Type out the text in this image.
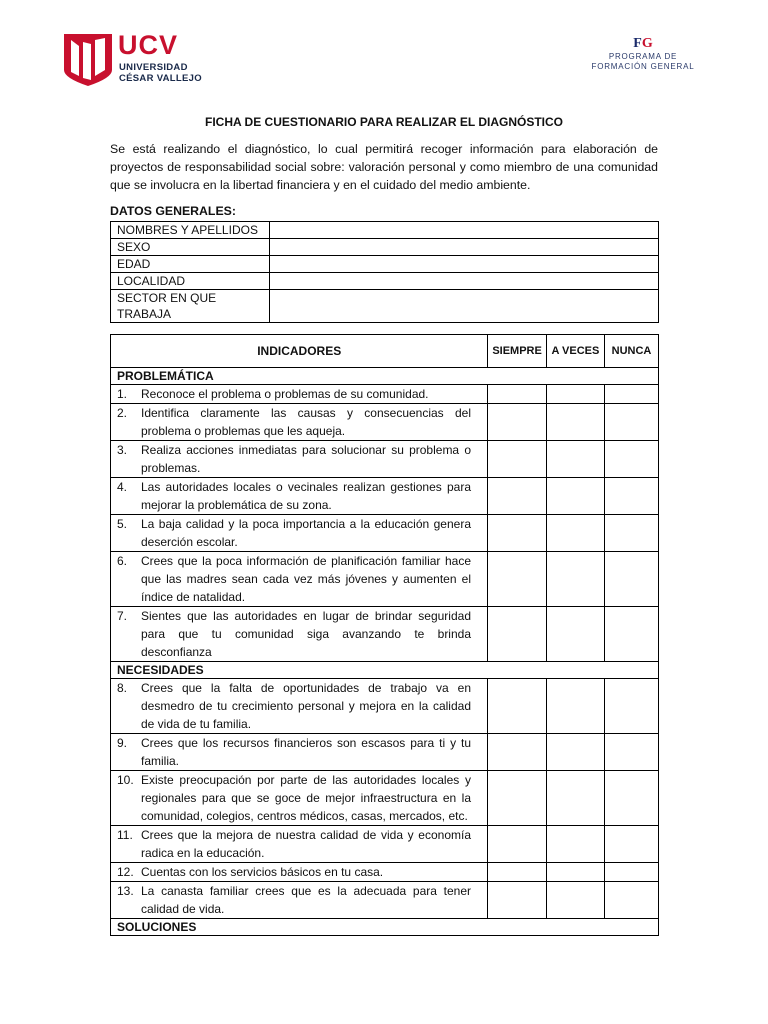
UCV
UNIVERSIDAD
CÉSAR VALLEJO
FG
PROGRAMA DE
FORMACIÓN GENERAL
FICHA DE CUESTIONARIO PARA REALIZAR EL DIAGNÓSTICO
Se está realizando el diagnóstico, lo cual permitirá recoger información para elaboración de proyectos de responsabilidad social sobre: valoración personal y como miembro de una comunidad que se involucra en la libertad financiera y en el cuidado del medio ambiente.
DATOS GENERALES:
NOMBRES Y APELLIDOS	
SEXO	
EDAD	
LOCALIDAD	
SECTOR EN QUE TRABAJA	
INDICADORES	SIEMPRE	A VECES	NUNCA
PROBLEMÁTICA			
1. Reconoce el problema o problemas de su comunidad.			
2. Identifica claramente las causas y consecuencias del problema o problemas que les aqueja.			
3. Realiza acciones inmediatas para solucionar su problema o problemas.			
4. Las autoridades locales o vecinales realizan gestiones para mejorar la problemática de su zona.			
5. La baja calidad y la poca importancia a la educación genera deserción escolar.			
6. Crees que la poca información de planificación familiar hace que las madres sean cada vez más jóvenes y aumenten el índice de natalidad.			
7. Sientes que las autoridades en lugar de brindar seguridad para que tu comunidad siga avanzando te brinda desconfianza			
NECESIDADES			
8. Crees que la falta de oportunidades de trabajo va en desmedro de tu crecimiento personal y mejora en la calidad de vida de tu familia.			
9. Crees que los recursos financieros son escasos para ti y tu familia.			
10. Existe preocupación por parte de las autoridades locales y regionales para que se goce de mejor infraestructura en la comunidad, colegios, centros médicos, casas, mercados, etc.			
11. Crees que la mejora de nuestra calidad de vida y economía radica en la educación.			
12. Cuentas con los servicios básicos en tu casa.			
13. La canasta familiar crees que es la adecuada para tener calidad de vida.			
SOLUCIONES			
